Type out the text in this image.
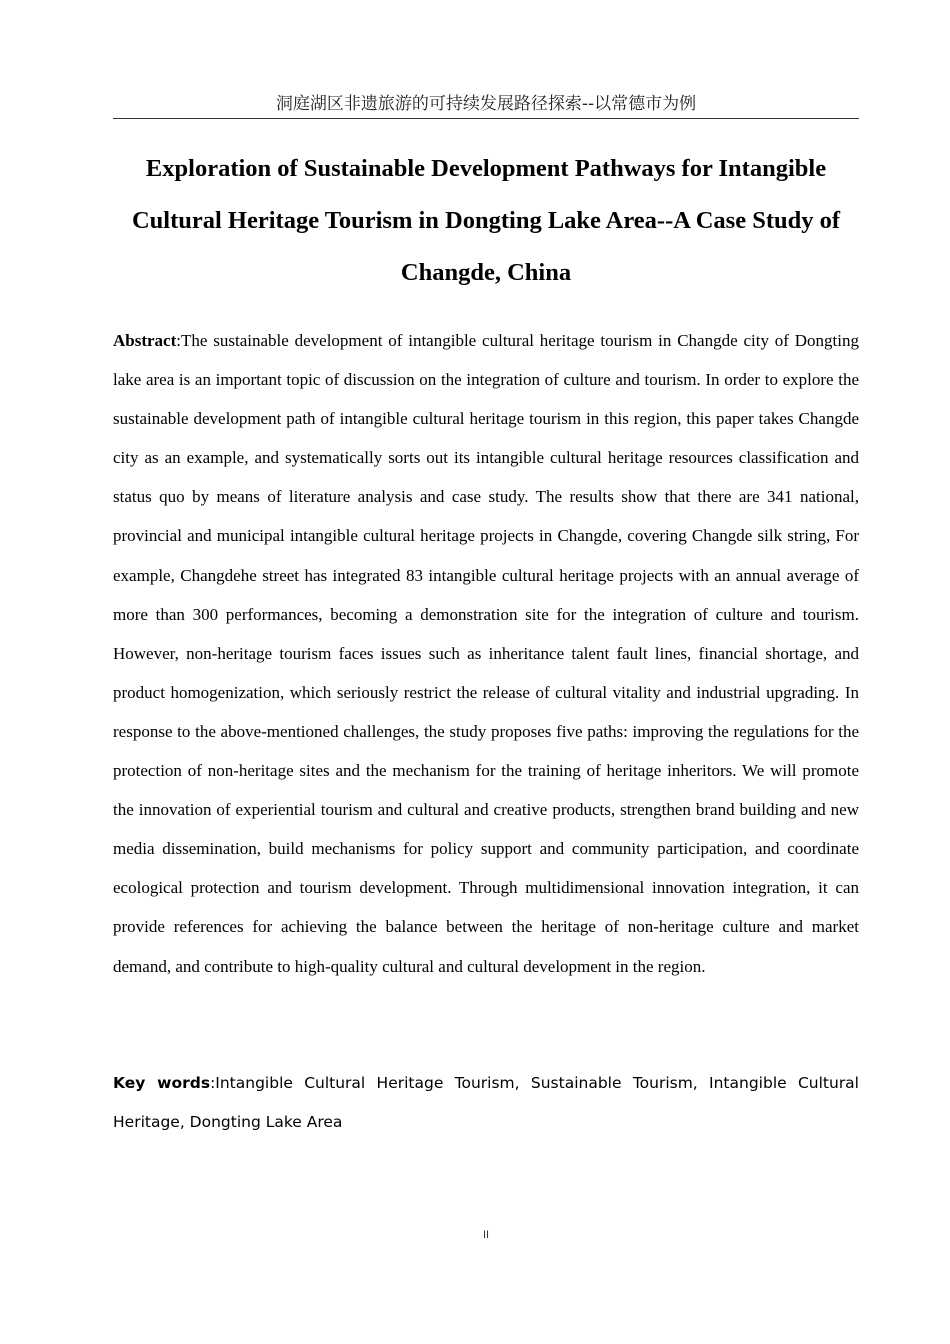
洞庭湖区非遗旅游的可持续发展路径探索--以常德市为例
Exploration of Sustainable Development Pathways for Intangible Cultural Heritage Tourism in Dongting Lake Area--A Case Study of Changde, China

Abstract:The sustainable development of intangible cultural heritage tourism in Changde city of Dongting lake area is an important topic of discussion on the integration of culture and tourism. In order to explore the sustainable development path of intangible cultural heritage tourism in this region, this paper takes Changde city as an example, and systematically sorts out its intangible cultural heritage resources classification and status quo by means of literature analysis and case study. The results show that there are 341 national, provincial and municipal intangible cultural heritage projects in Changde, covering Changde silk string, For example, Changdehe street has integrated 83 intangible cultural heritage projects with an annual average of more than 300 performances, becoming a demonstration site for the integration of culture and tourism. However, non-heritage tourism faces issues such as inheritance talent fault lines, financial shortage, and product homogenization, which seriously restrict the release of cultural vitality and industrial upgrading. In response to the above-mentioned challenges, the study proposes five paths: improving the regulations for the protection of non-heritage sites and the mechanism for the training of heritage inheritors. We will promote the innovation of experiential tourism and cultural and creative products, strengthen brand building and new media dissemination, build mechanisms for policy support and community participation, and coordinate ecological protection and tourism development. Through multidimensional innovation integration, it can provide references for achieving the balance between the heritage of non-heritage culture and market demand, and contribute to high-quality cultural and cultural development in the region.

Key words:Intangible Cultural Heritage Tourism, Sustainable Tourism, Intangible Cultural Heritage, Dongting Lake Area

II
